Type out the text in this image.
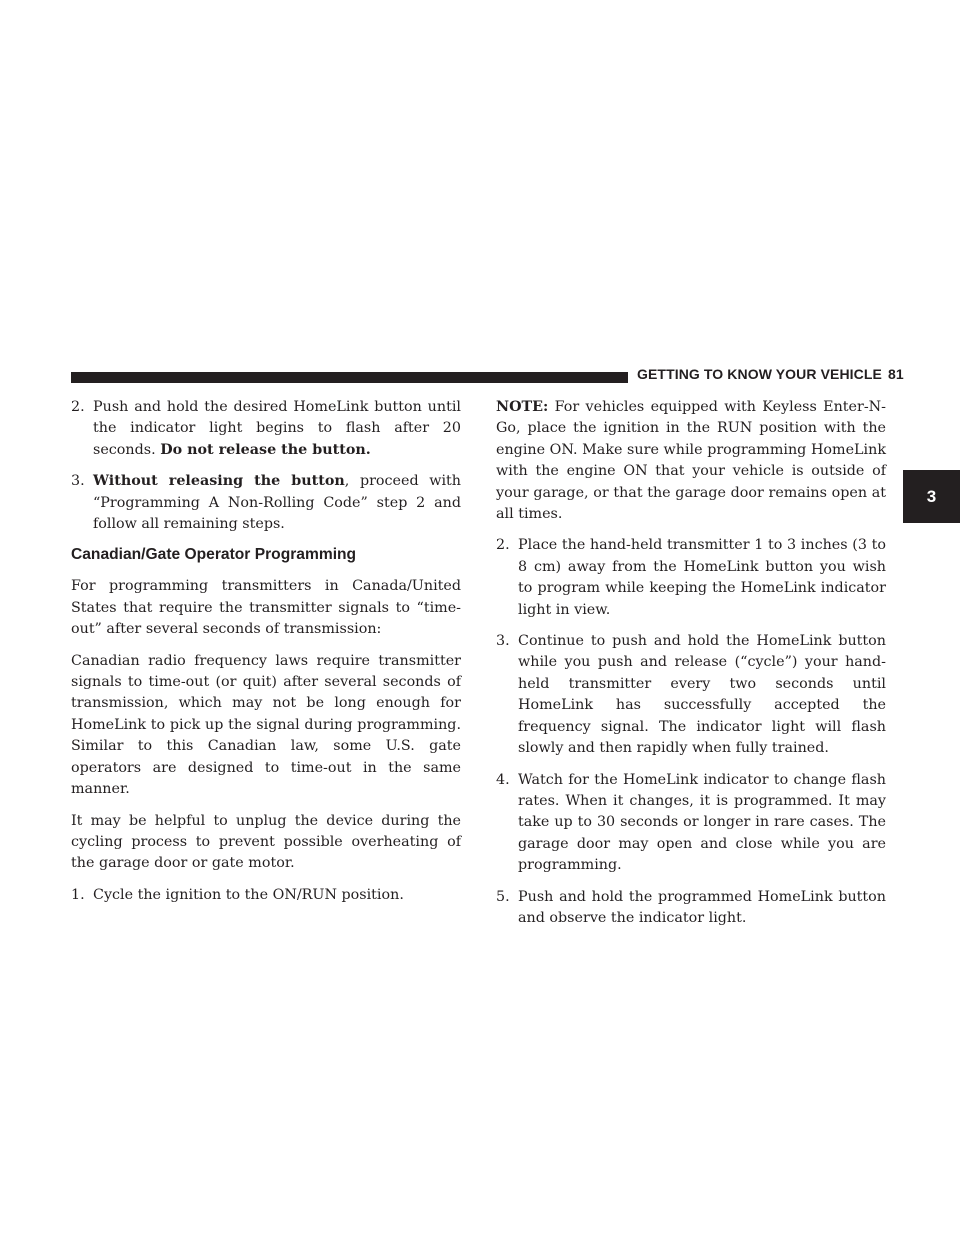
GETTING TO KNOW YOUR VEHICLE 81
3
2. Push and hold the desired HomeLink button until the indicator light begins to flash after 20 seconds. Do not release the button.
3. Without releasing the button, proceed with “Programming A Non-Rolling Code” step 2 and follow all remaining steps.
Canadian/Gate Operator Programming

For programming transmitters in Canada/United States that require the transmitter signals to “time-out” after several seconds of transmission:

Canadian radio frequency laws require transmitter signals to time-out (or quit) after several seconds of transmission, which may not be long enough for HomeLink to pick up the signal during programming. Similar to this Canadian law, some U.S. gate operators are designed to time-out in the same manner.

It may be helpful to unplug the device during the cycling process to prevent possible overheating of the garage door or gate motor.

1. Cycle the ignition to the ON/RUN position.

NOTE: For vehicles equipped with Keyless Enter-N-Go, place the ignition in the RUN position with the engine ON. Make sure while programming HomeLink with the engine ON that your vehicle is outside of your garage, or that the garage door remains open at all times.

2. Place the hand-held transmitter 1 to 3 inches (3 to 8 cm) away from the HomeLink button you wish to program while keeping the HomeLink indicator light in view.
3. Continue to push and hold the HomeLink button while you push and release (“cycle”) your hand-held transmitter every two seconds until HomeLink has successfully accepted the frequency signal. The indicator light will flash slowly and then rapidly when fully trained.
4. Watch for the HomeLink indicator to change flash rates. When it changes, it is programmed. It may take up to 30 seconds or longer in rare cases. The garage door may open and close while you are programming.
5. Push and hold the programmed HomeLink button and observe the indicator light.
